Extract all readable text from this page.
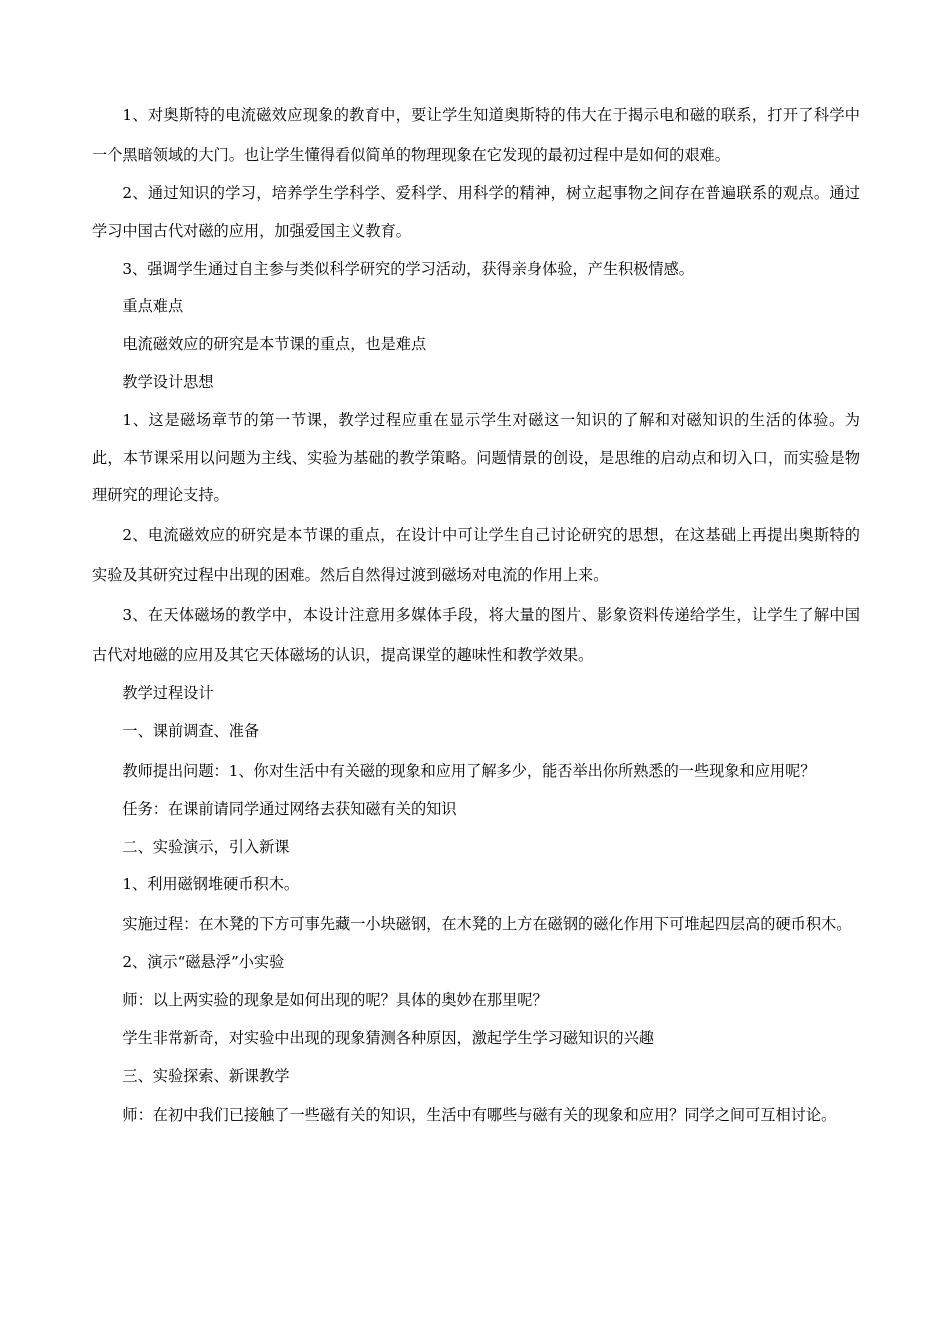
1、对奥斯特的电流磁效应现象的教育中，要让学生知道奥斯特的伟大在于揭示电和磁的联系，打开了科学中一个黑暗领域的大门。也让学生懂得看似简单的物理现象在它发现的最初过程中是如何的艰难。

2、通过知识的学习，培养学生学科学、爱科学、用科学的精神，树立起事物之间存在普遍联系的观点。通过学习中国古代对磁的应用，加强爱国主义教育。

3、强调学生通过自主参与类似科学研究的学习活动，获得亲身体验，产生积极情感。

重点难点

电流磁效应的研究是本节课的重点，也是难点

教学设计思想

1、这是磁场章节的第一节课，教学过程应重在显示学生对磁这一知识的了解和对磁知识的生活的体验。为此，本节课采用以问题为主线、实验为基础的教学策略。问题情景的创设，是思维的启动点和切入口，而实验是物理研究的理论支持。

2、电流磁效应的研究是本节课的重点，在设计中可让学生自己讨论研究的思想，在这基础上再提出奥斯特的实验及其研究过程中出现的困难。然后自然得过渡到磁场对电流的作用上来。

3、在天体磁场的教学中，本设计注意用多媒体手段，将大量的图片、影象资料传递给学生，让学生了解中国古代对地磁的应用及其它天体磁场的认识，提高课堂的趣味性和教学效果。

教学过程设计

一、课前调查、准备

教师提出问题：1、你对生活中有关磁的现象和应用了解多少，能否举出你所熟悉的一些现象和应用呢？

任务：在课前请同学通过网络去获知磁有关的知识

二、实验演示，引入新课

1、利用磁钢堆硬币积木。

实施过程：在木凳的下方可事先藏一小块磁钢，在木凳的上方在磁钢的磁化作用下可堆起四层高的硬币积木。

2、演示“磁悬浮”小实验

师：以上两实验的现象是如何出现的呢？具体的奥妙在那里呢？

学生非常新奇，对实验中出现的现象猜测各种原因，激起学生学习磁知识的兴趣

三、实验探索、新课教学

师：在初中我们已接触了一些磁有关的知识，生活中有哪些与磁有关的现象和应用？同学之间可互相讨论。
